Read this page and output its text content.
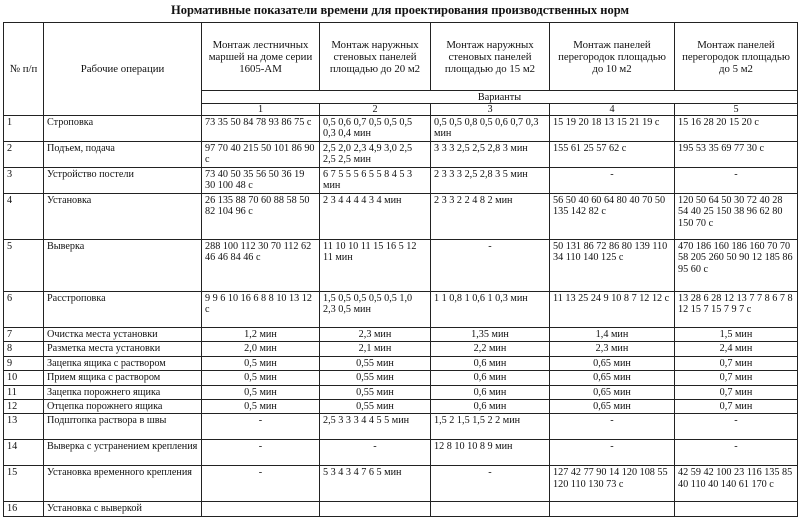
Нормативные показатели времени для проектирования производственных норм
№ п/п	Рабочие операции	Монтаж лестничных маршей на доме серии 1605-АМ	Монтаж наружных стеновых панелей площадью до 20 м2	Монтаж наружных стеновых панелей площадью до 15 м2	Монтаж панелей перегородок площадью до 10 м2	Монтаж панелей перегородок площадью до 5 м2
		Варианты				
		1	2	3	4	5
1	Строповка	73 35 50 84 78 93 86 75 с	0,5 0,6 0,7 0,5 0,5 0,5 0,3 0,4 мин	0,5 0,5 0,8 0,5 0,6 0,7 0,3 мин	15 19 20 18 13 15 21 19 с	15 16 28 20 15 20 с
2	Подъем, подача	97 70 40 215 50 101 86 90 с	2,5 2,0 2,3 4,9 3,0 2,5 2,5 2,5 мин	3 3 3 2,5 2,5 2,8 3 мин	155 61 25 57 62 с	195 53 35 69 77 30 с
3	Устройство постели	73 40 50 35 56 50 36 19 30 100 48 с	6 7 5 5 5 6 5 5 8 4 5 3 мин	2 3 3 3 2,5 2,8 3 5 мин	-	-
4	Установка	26 135 88 70 60 88 58 50 82 104 96 с	2 3 4 4 4 4 3 4 мин	2 3 3 2 2 4 8 2 мин	56 50 40 60 64 80 40 70 50 135 142 82 с	120 50 64 50 30 72 40 28 54 40 25 150 38 96 62 80 150 70 с
5	Выверка	288 100 112 30 70 112 62 46 46 84 46 с	11 10 10 11 15 16 5 12 11 мин	-	50 131 86 72 86 80 139 110 34 110 140 125 с	470 186 160 186 160 70 70 58 205 260 50 90 12 185 86 95 60 с
6	Расстроповка	9 9 6 10 16 6 8 8 10 13 12 с	1,5 0,5 0,5 0,5 0,5 1,0 2,3 0,5 мин	1 1 0,8 1 0,6 1 0,3 мин	11 13 25 24 9 10 8 7 12 12 с	13 28 6 28 12 13 7 7 8 6 7 8 12 15 7 15 7 9 7 с
7	Очистка места установки	1,2 мин	2,3 мин	1,35 мин	1,4 мин	1,5 мин
8	Разметка места установки	2,0 мин	2,1 мин	2,2 мин	2,3 мин	2,4 мин
9	Зацепка ящика с раствором	0,5 мин	0,55 мин	0,6 мин	0,65 мин	0,7 мин
10	Прием ящика с раствором	0,5 мин	0,55 мин	0,6 мин	0,65 мин	0,7 мин
11	Зацепка порожнего ящика	0,5 мин	0,55 мин	0,6 мин	0,65 мин	0,7 мин
12	Отцепка порожнего ящика	0,5 мин	0,55 мин	0,6 мин	0,65 мин	0,7 мин
13	Подштопка раствора в швы	-	2,5 3 3 3 4 4 5 5 мин	1,5 2 1,5 1,5 2 2 мин	-	-
14	Выверка с устранением крепления	-	-	12 8 10 10 8 9 мин	-	-
15	Установка временного крепления	-	5 3 4 3 4 7 6 5 мин	-	127 42 77 90 14 120 108 55 120 110 130 73 с	42 59 42 100 23 116 135 85 40 110 40 140 61 170 с
16	Установка с выверкой					
